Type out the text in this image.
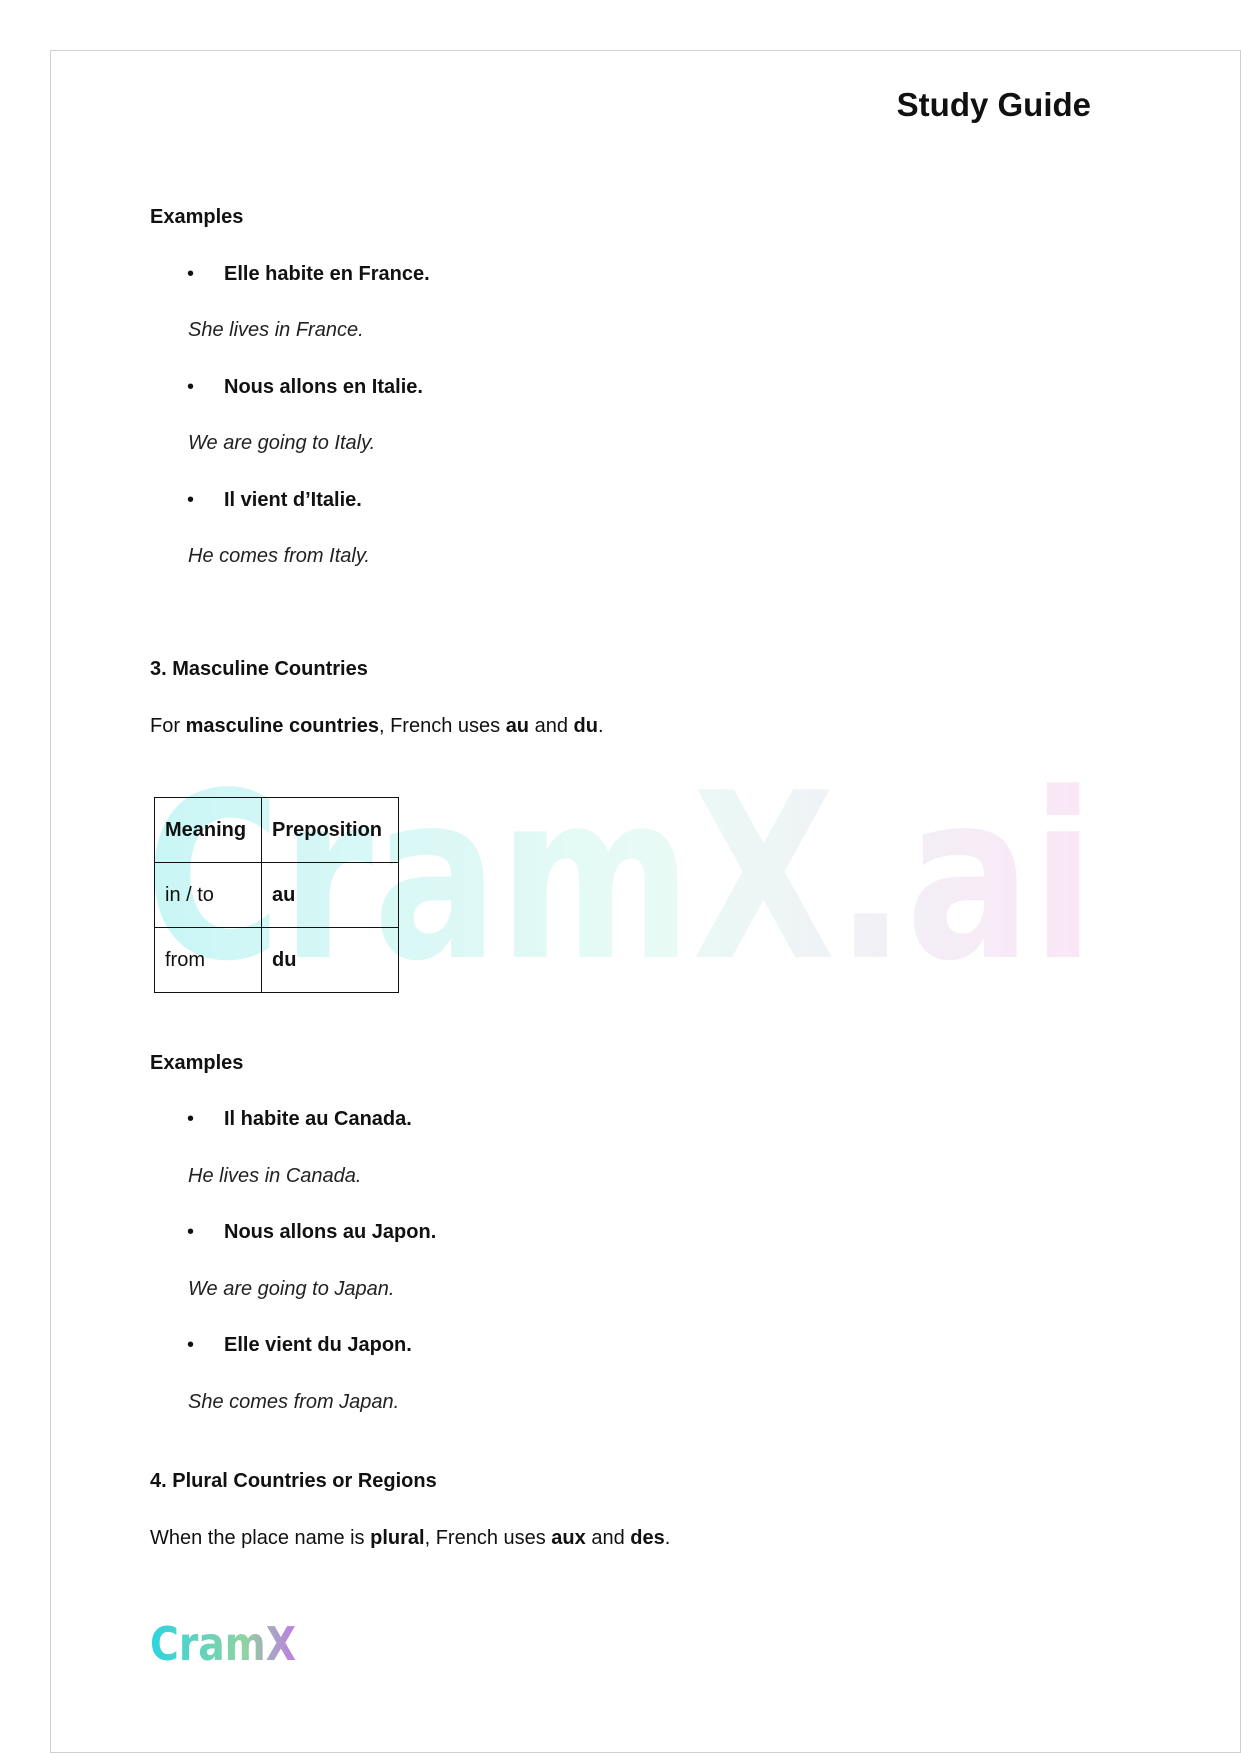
CramX.ai
Study Guide
Examples
• Elle habite en France.
She lives in France.
• Nous allons en Italie.
We are going to Italy.
• Il vient d’Italie.
He comes from Italy.
3. Masculine Countries
For masculine countries, French uses au and du.
Meaning	Preposition
in / to	au
from	du
Examples
• Il habite au Canada.
He lives in Canada.
• Nous allons au Japon.
We are going to Japan.
• Elle vient du Japon.
She comes from Japan.
4. Plural Countries or Regions
When the place name is plural, French uses aux and des.
CramX
